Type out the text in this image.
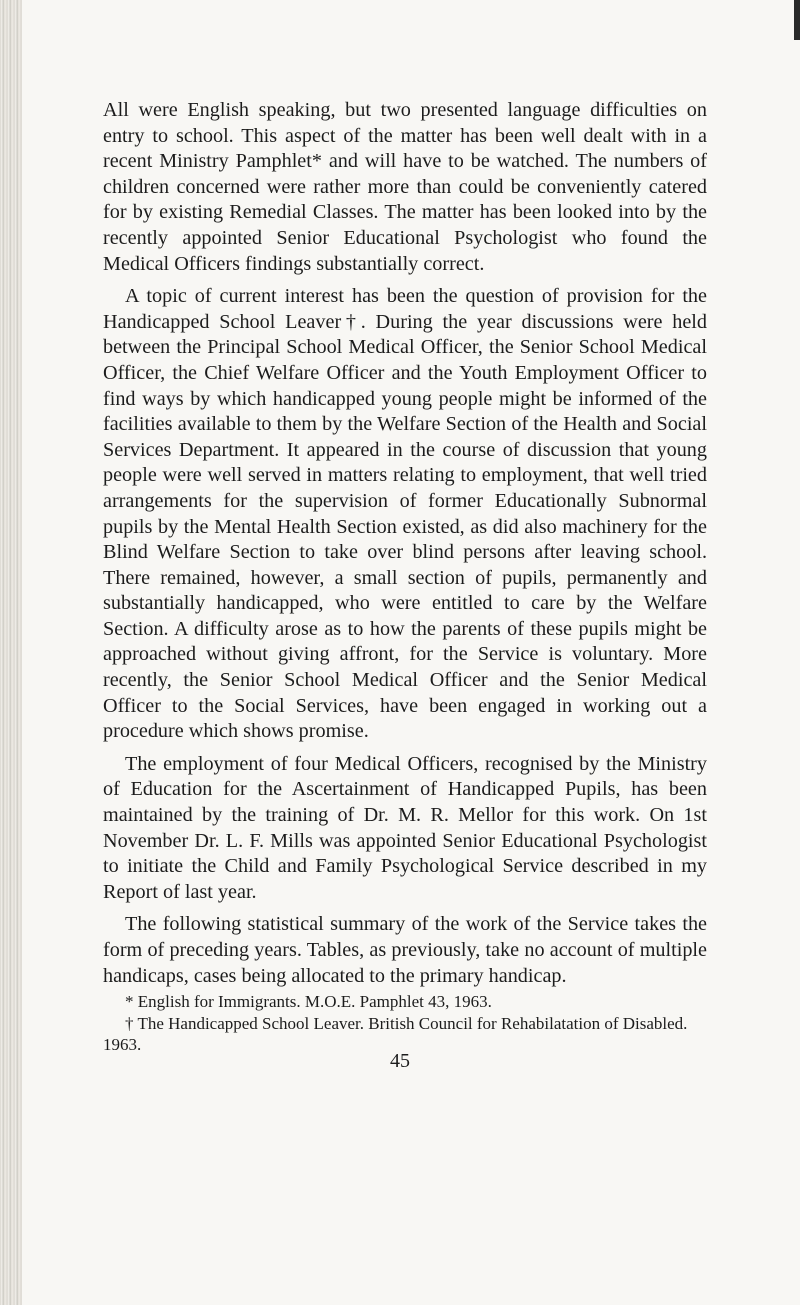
All were English speaking, but two presented language difficulties on entry to school. This aspect of the matter has been well dealt with in a recent Ministry Pamphlet* and will have to be watched. The numbers of children concerned were rather more than could be conveniently catered for by existing Remedial Classes. The matter has been looked into by the recently appointed Senior Educational Psychologist who found the Medical Officers findings substantially correct.

A topic of current interest has been the question of provision for the Handicapped School Leaver†. During the year discussions were held between the Principal School Medical Officer, the Senior School Medical Officer, the Chief Welfare Officer and the Youth Employment Officer to find ways by which handicapped young people might be informed of the facilities available to them by the Welfare Section of the Health and Social Services Department. It appeared in the course of discussion that young people were well served in matters relating to employment, that well tried arrangements for the supervision of former Educationally Subnormal pupils by the Mental Health Section existed, as did also machinery for the Blind Welfare Section to take over blind persons after leaving school. There remained, however, a small section of pupils, permanently and substantially handicapped, who were entitled to care by the Welfare Section. A difficulty arose as to how the parents of these pupils might be approached without giving affront, for the Service is voluntary. More recently, the Senior School Medical Officer and the Senior Medical Officer to the Social Services, have been engaged in working out a procedure which shows promise.

The employment of four Medical Officers, recognised by the Ministry of Education for the Ascertainment of Handicapped Pupils, has been maintained by the training of Dr. M. R. Mellor for this work. On 1st November Dr. L. F. Mills was appointed Senior Educational Psychologist to initiate the Child and Family Psychological Service described in my Report of last year.

The following statistical summary of the work of the Service takes the form of preceding years. Tables, as previously, take no account of multiple handicaps, cases being allocated to the primary handicap.

* English for Immigrants. M.O.E. Pamphlet 43, 1963.

† The Handicapped School Leaver. British Council for Rehabilatation of Disabled. 1963.

45
